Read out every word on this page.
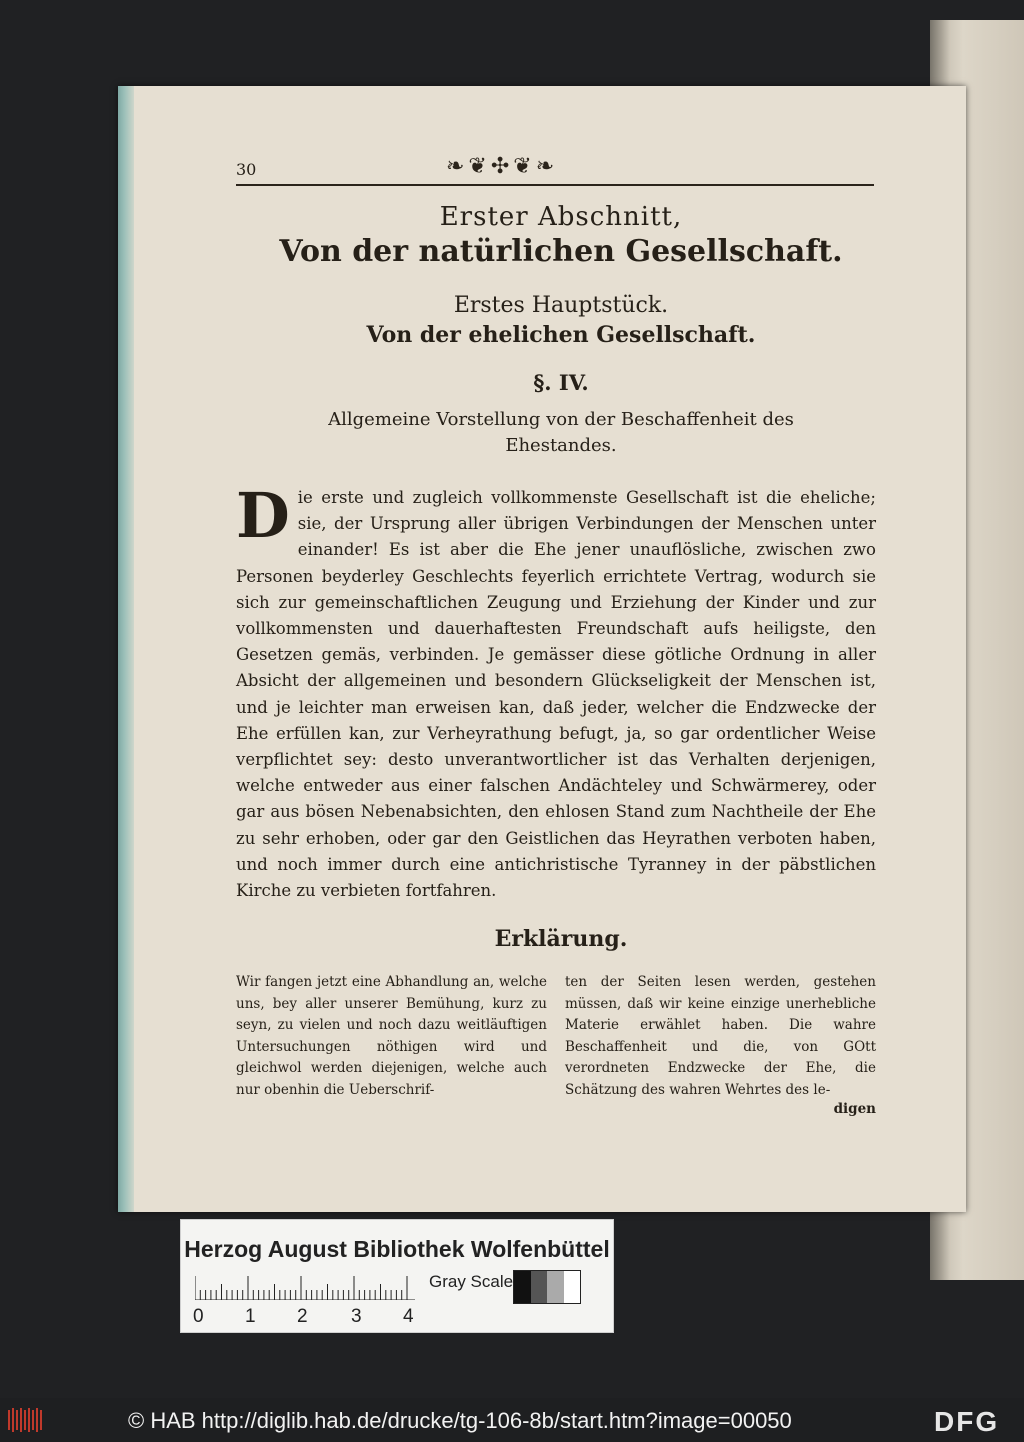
30	❧❦✣❦❧
Erster Abschnitt,
Von der natürlichen Gesellschaft.
Erstes Hauptstück.
Von der ehelichen Gesellschaft.
§. IV.
Allgemeine Vorstellung von der Beschaffenheit des Ehestandes.
D ie erste und zugleich vollkommenste Gesellschaft ist die eheliche; sie, der Ursprung aller übrigen Verbindungen der Menschen unter einander! Es ist aber die Ehe jener unauflösliche, zwischen zwo Personen beyderley Geschlechts feyerlich errichtete Vertrag, wodurch sie sich zur gemeinschaftlichen Zeugung und Erziehung der Kinder und zur vollkommensten und dauerhaftesten Freundschaft aufs heiligste, den Gesetzen gemäs, verbinden. Je gemässer diese götliche Ordnung in aller Absicht der allgemeinen und besondern Glückseligkeit der Menschen ist, und je leichter man erweisen kan, daß jeder, welcher die Endzwecke der Ehe erfüllen kan, zur Verheyrathung befugt, ja, so gar ordentlicher Weise verpflichtet sey: desto unverantwortlicher ist das Verhalten derjenigen, welche entweder aus einer falschen Andächteley und Schwärmerey, oder gar aus bösen Nebenabsichten, den ehlosen Stand zum Nachtheile der Ehe zu sehr erhoben, oder gar den Geistlichen das Heyrathen verboten haben, und noch immer durch eine antichristische Tyranney in der päbstlichen Kirche zu verbieten fortfahren.
Erklärung.
Wir fangen jetzt eine Abhandlung an, welche uns, bey aller unserer Bemühung, kurz zu seyn, zu vielen und noch dazu weitläuftigen Untersuchungen nöthigen wird und gleichwol werden diejenigen, welche auch nur obenhin die Ueberschrif-
ten der Seiten lesen werden, gestehen müssen, daß wir keine einzige unerhebliche Materie erwählet haben. Die wahre Beschaffenheit und die, von GOtt verordneten Endzwecke der Ehe, die Schätzung des wahren Wehrtes des le-
digen
Herzog August Bibliothek Wolfenbüttel
0 1 2 3 4
Gray Scale
© HAB http://diglib.hab.de/drucke/tg-106-8b/start.htm?image=00050	DFG
